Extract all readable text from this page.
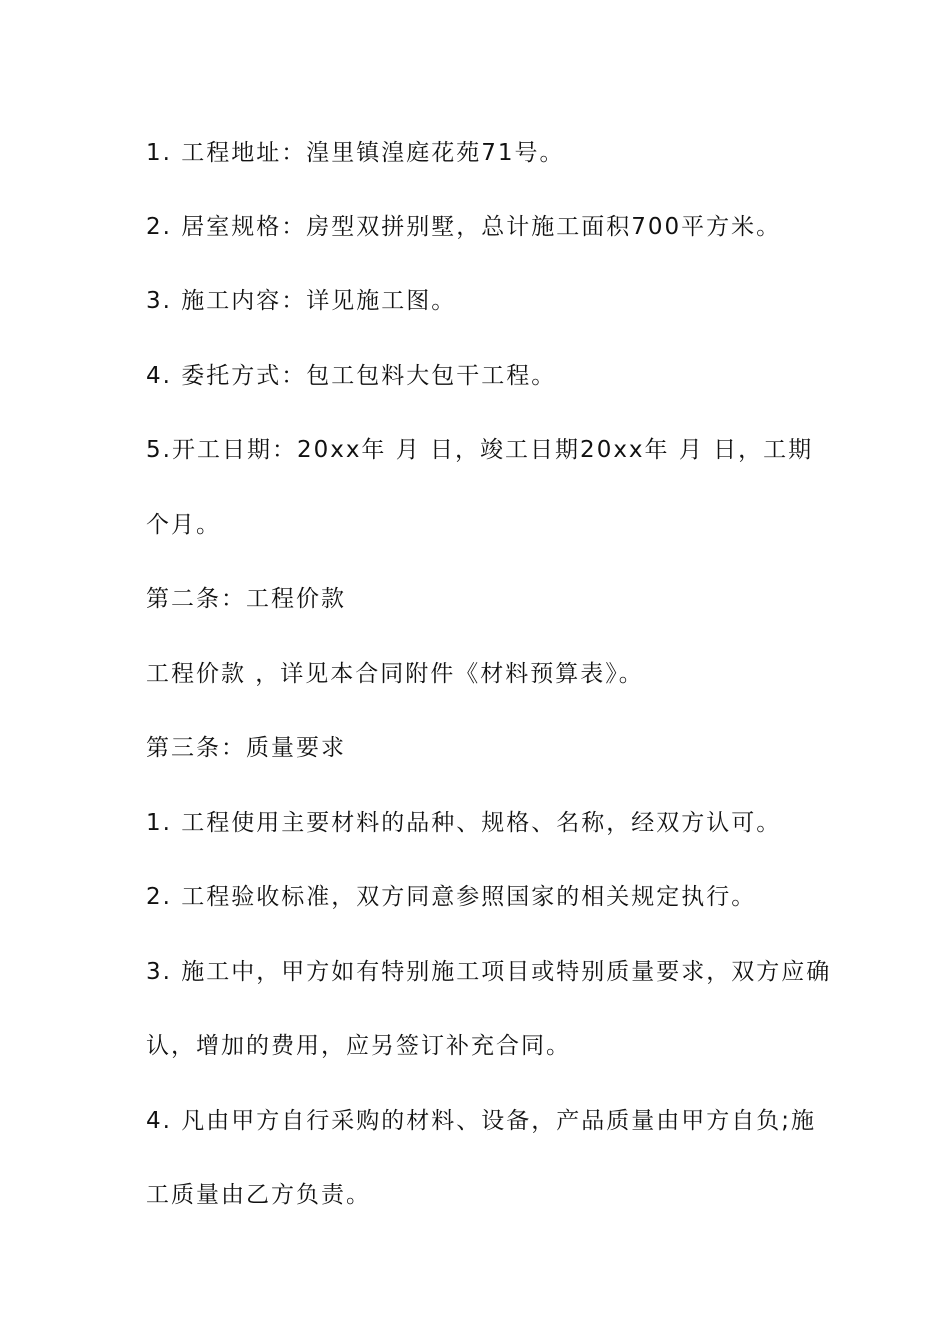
1. 工程地址：湟里镇湟庭花苑71号。

2. 居室规格：房型双拼别墅，总计施工面积700平方米。

3. 施工内容：详见施工图。

4. 委托方式：包工包料大包干工程。

5.开工日期：20xx年 月 日，竣工日期20xx年 月 日，工期

个月。

第二条：工程价款

工程价款 ，详见本合同附件《材料预算表》。

第三条：质量要求

1. 工程使用主要材料的品种、规格、名称，经双方认可。

2. 工程验收标准，双方同意参照国家的相关规定执行。

3. 施工中，甲方如有特别施工项目或特别质量要求，双方应确

认，增加的费用，应另签订补充合同。

4. 凡由甲方自行采购的材料、设备，产品质量由甲方自负;施

工质量由乙方负责。
